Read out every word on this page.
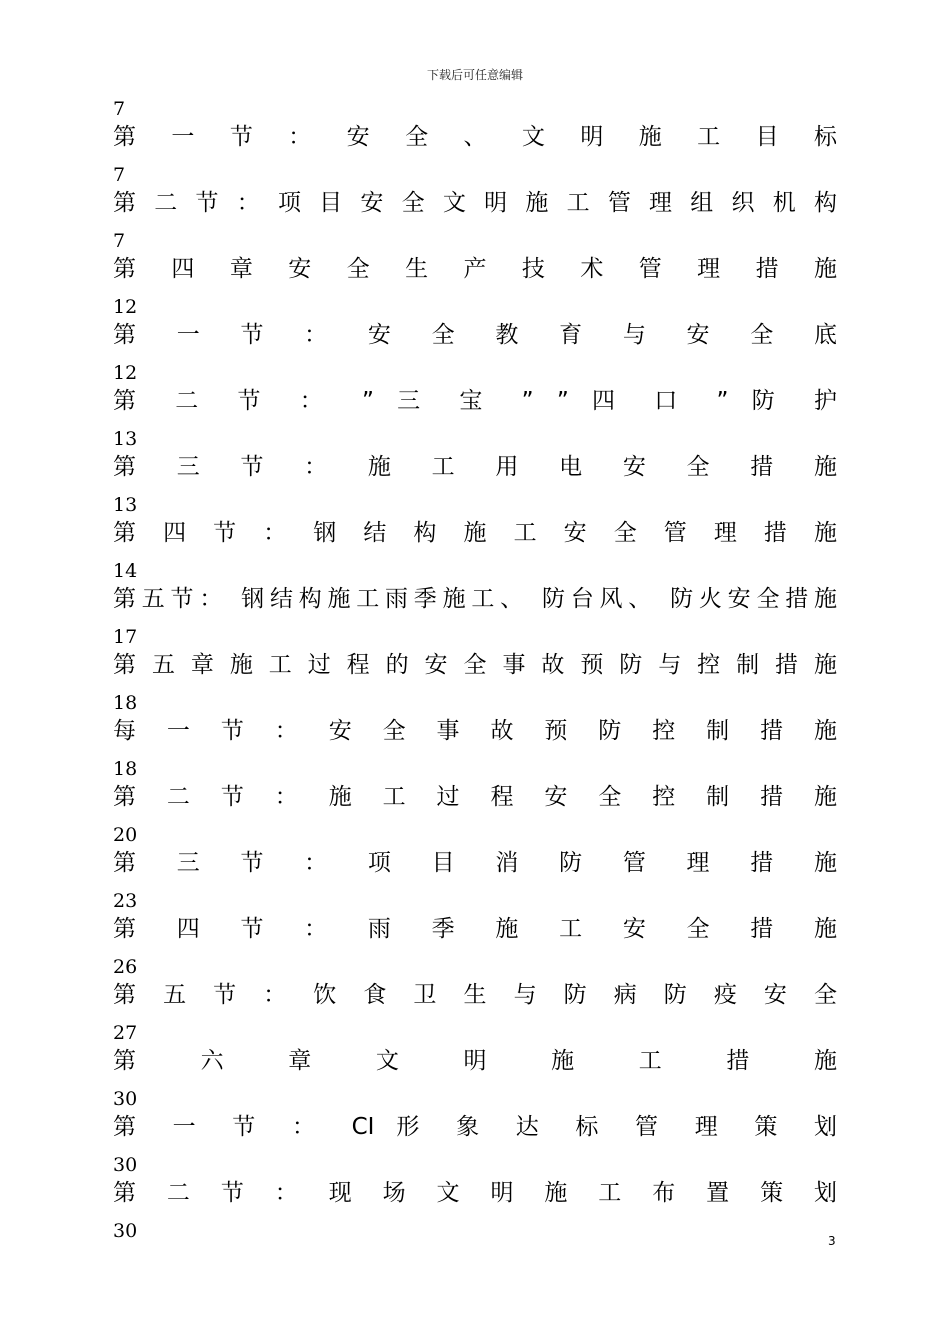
下载后可任意编辑
7
第 一 节 ： 安 全 、 文 明 施 工 目 标
7
第 二 节 ： 项 目 安 全 文 明 施 工 管 理 组 织 机 构
7
第 四 章 安 全 生 产 技 术 管 理 措 施
12
第 一 节 ： 安 全 教 育 与 安 全 底
12
第 二 节 ： ” 三 宝 ” ” 四 口 ” 防 护
13
第 三 节 ： 施 工 用 电 安 全 措 施
13
第 四 节 ： 钢 结 构 施 工 安 全 管 理 措 施
14
第五节： 钢结构施工雨季施工、 防台风、 防火安全措施
17
第 五 章 施 工 过 程 的 安 全 事 故 预 防 与 控 制 措 施
18
每 一 节 ： 安 全 事 故 预 防 控 制 措 施
18
第 二 节 ： 施 工 过 程 安 全 控 制 措 施
20
第 三 节 ： 项 目 消 防 管 理 措 施
23
第 四 节 ： 雨 季 施 工 安 全 措 施
26
第 五 节 ： 饮 食 卫 生 与 防 病 防 疫 安 全
27
第 六 章 文 明 施 工 措 施
30
第 一 节 ： CI 形 象 达 标 管 理 策 划
30
第 二 节 ： 现 场 文 明 施 工 布 置 策 划
30	3
